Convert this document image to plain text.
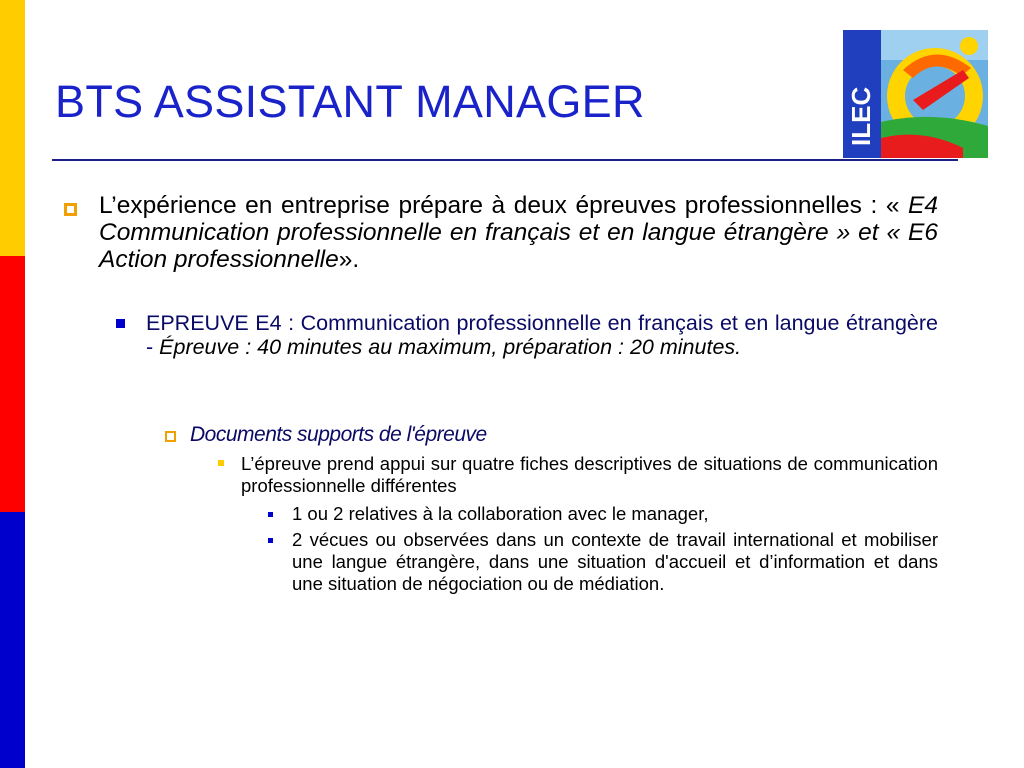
BTS ASSISTANT MANAGER	ILEC
L’expérience en entreprise prépare à deux épreuves professionnelles : « E4 Communication professionnelle en français et en langue étrangère » et « E6 Action professionnelle».
EPREUVE E4 : Communication professionnelle en français et en langue étrangère - Épreuve : 40 minutes au maximum, préparation : 20 minutes.
Documents supports de l'épreuve
L’épreuve prend appui sur quatre fiches descriptives de situations de communication professionnelle différentes
1 ou 2 relatives à la collaboration avec le manager,
2 vécues ou observées dans un contexte de travail international et mobiliser une langue étrangère, dans une situation d'accueil et d’information et dans une situation de négociation ou de médiation.
